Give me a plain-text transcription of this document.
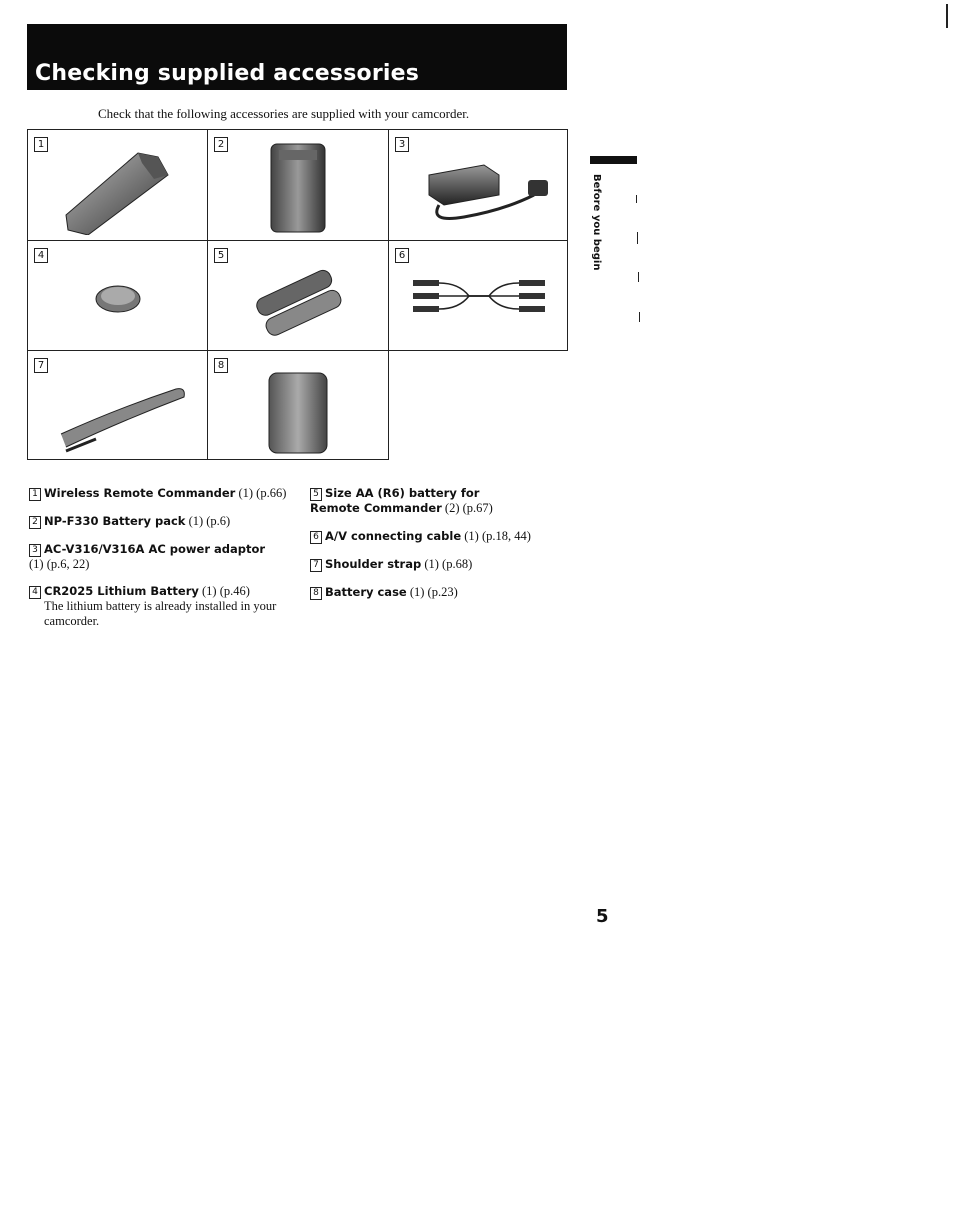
Checking supplied accessories
Check that the following accessories are supplied with your camcorder.
1	2	3
4	5	6
7	8
Before you begin
1 Wireless Remote Commander (1) (p.66)
2 NP-F330 Battery pack (1) (p.6)
3 AC-V316/V316A AC power adaptor (1) (p.6, 22)
4 CR2025 Lithium Battery (1) (p.46)
The lithium battery is already installed in your camcorder.
5 Size AA (R6) battery for Remote Commander (2) (p.67)
6 A/V connecting cable (1) (p.18, 44)
7 Shoulder strap (1) (p.68)
8 Battery case (1) (p.23)
5
